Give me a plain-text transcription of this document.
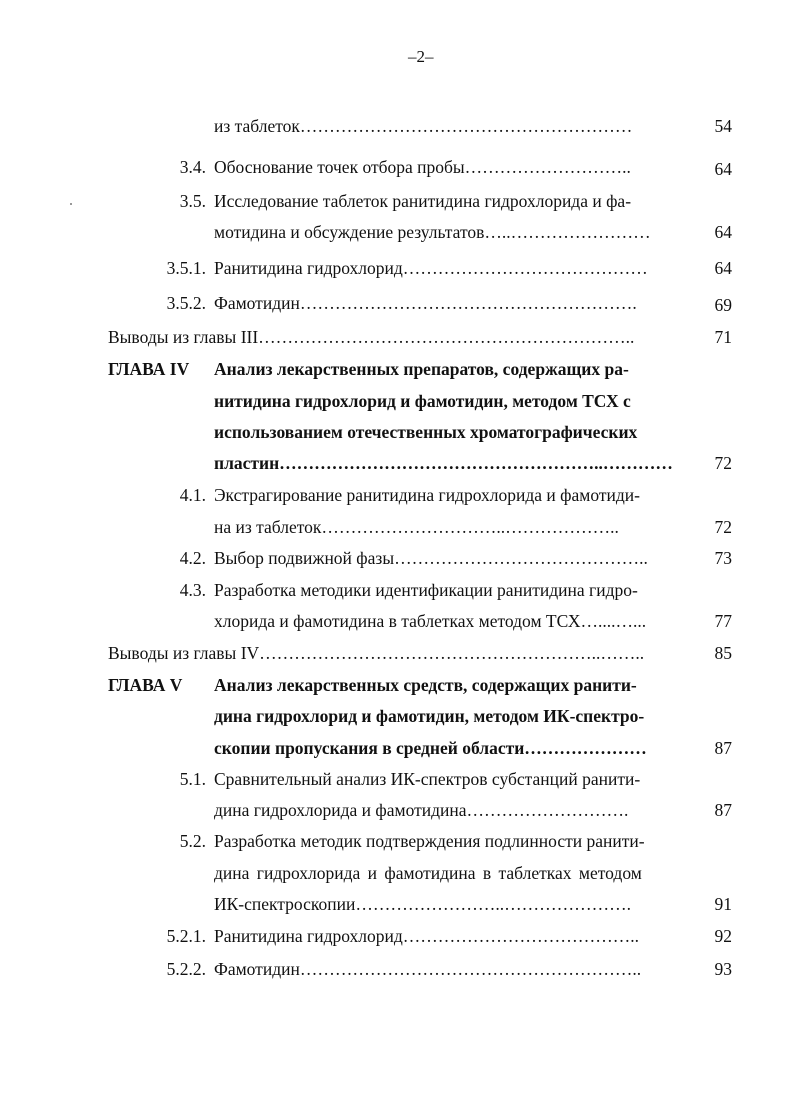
–2–
из таблеток…………………………………………………	54
3.4. Обоснование точек отбора пробы………………………..	64
3.5. Исследование таблеток ранитидина гидрохлорида и фа-
мотидина и обсуждение результатов…..……………………	64
3.5.1. Ранитидина гидрохлорид……………………………………	64
3.5.2. Фамотидин………………………………………………….	69
Выводы из главы III………………………………………………………..	71
ГЛАВА IV Анализ лекарственных препаратов, содержащих ра-
нитидина гидрохлорид и фамотидин, методом ТСХ с
использованием отечественных хроматографических
пластин………………………………………………..…………	72
4.1. Экстрагирование ранитидина гидрохлорида и фамотиди-
на из таблеток…………………………..………………..	72
4.2. Выбор подвижной фазы……………………………………..	73
4.3. Разработка методики идентификации ранитидина гидро-
хлорида и фамотидина в таблетках методом ТСХ…....…...	77
Выводы из главы IV…………………………………………………..……..	85
ГЛАВА V Анализ лекарственных средств, содержащих ранити-
дина гидрохлорид и фамотидин, методом ИК-спектро-
скопии пропускания в средней области…………………	87
5.1. Сравнительный анализ ИК-спектров субстанций ранити-
дина гидрохлорида и фамотидина……………………….	87
5.2. Разработка методик подтверждения подлинности ранити-
дина гидрохлорида и фамотидина в таблетках методом
ИК-спектроскопии……………………..………………….	91
5.2.1. Ранитидина гидрохлорид…………………………………..	92
5.2.2. Фамотидин…………………………………………………..	93
